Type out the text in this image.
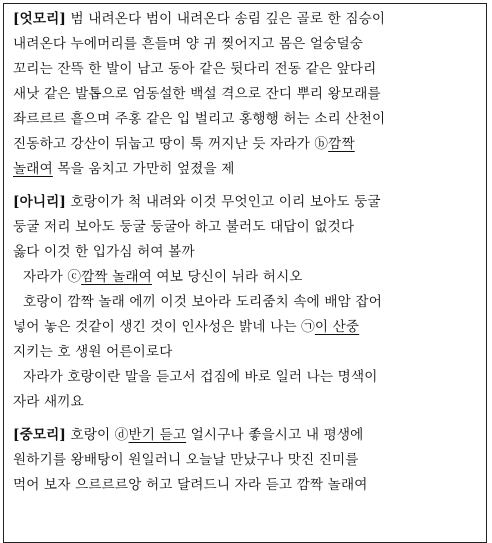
[엇모리] 범 내려온다 범이 내려온다 송림 깊은 골로 한 짐승이
내려온다 누에머리를 흔들며 양 귀 찢어지고 몸은 얼숭덜숭
꼬리는 잔뜩 한 발이 남고 동아 같은 뒷다리 전동 같은 앞다리
새낫 같은 발톱으로 엄동설한 백설 격으로 잔디 뿌리 왕모래를
좌르르르 흩으며 주홍 같은 입 벌리고 홍행행 허는 소리 산천이
진동하고 강산이 뒤눕고 땅이 툭 꺼지난 듯 자라가 ⓑ깜짝
놀래여 목을 움치고 가만히 엎졌을 제
[아니리] 호랑이가 척 내려와 이것 무엇인고 이리 보아도 둥굴
둥굴 저리 보아도 둥굴 둥굴아 하고 불러도 대답이 없것다
옳다 이것 한 입가심 허여 볼까
자라가 ⓒ깜짝 놀래여 여보 당신이 뉘라 허시오
호랑이 깜짝 놀래 에끼 이것 보아라 도리줌치 속에 배암 잡어
넣어 놓은 것같이 생긴 것이 인사성은 밝네 나는 ㉠이 산중
지키는 호 생원 어른이로다
자라가 호랑이란 말을 듣고서 겁짐에 바로 일러 나는 명색이
자라 새끼요
[중모리] 호랑이 ⓓ반기 듣고 얼시구나 좋을시고 내 평생에
원하기를 왕배탕이 원일러니 오늘날 만났구나 맛진 진미를
먹어 보자 으르르르앙 허고 달려드니 자라 듣고 깜짝 놀래여
